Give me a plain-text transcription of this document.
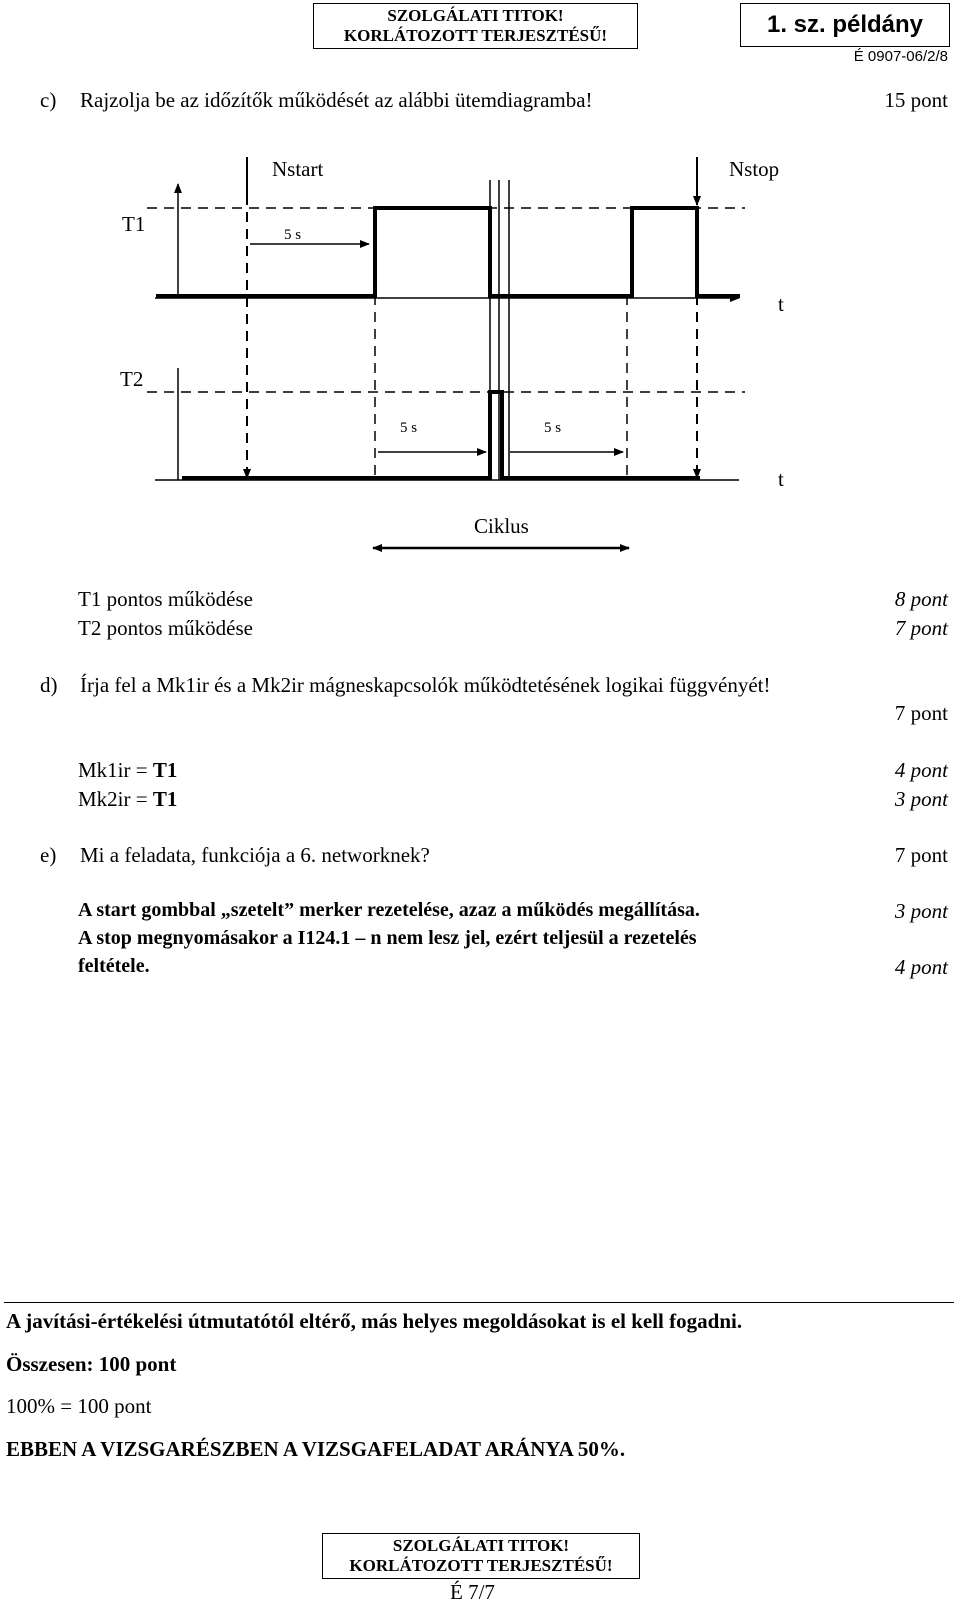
SZOLGÁLATI TITOK!
KORLÁTOZOTT TERJESZTÉSŰ!	1. sz. példány
É 0907-06/2/8
c) Rajzolja be az időzítők működését az alábbi ütemdiagramba!	15 pont
Nstart	Nstop
T1
t
5 s
T2
t
5 s	5 s
Ciklus
T1 pontos működése	8 pont
T2 pontos működése	7 pont
d) Írja fel a Mk1ir és a Mk2ir mágneskapcsolók működtetésének logikai függvényét!
7 pont
Mk1ir = T1	4 pont
Mk2ir = T1	3 pont
e) Mi a feladata, funkciója a 6. networknek?	7 pont
A start gombbal „szetelt” merker rezetelése, azaz a működés megállítása.	3 pont
A stop megnyomásakor a I124.1 – n nem lesz jel, ezért teljesül a rezetelés
feltétele.	4 pont
A javítási-értékelési útmutatótól eltérő, más helyes megoldásokat is el kell fogadni.
Összesen: 100 pont
100% = 100 pont
EBBEN A VIZSGARÉSZBEN A VIZSGAFELADAT ARÁNYA 50%.
SZOLGÁLATI TITOK!
KORLÁTOZOTT TERJESZTÉSŰ!
É 7/7
